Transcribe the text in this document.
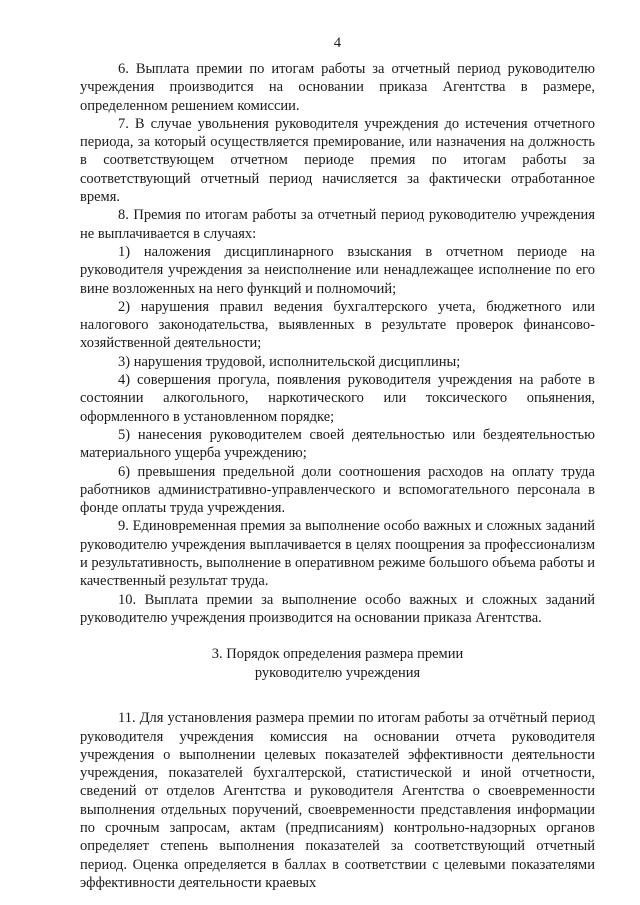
4

6. Выплата премии по итогам работы за отчетный период руководителю учреждения производится на основании приказа Агентства в размере, определенном решением комиссии.

7. В случае увольнения руководителя учреждения до истечения отчетного периода, за который осуществляется премирование, или назначения на должность в соответствующем отчетном периоде премия по итогам работы за соответствующий отчетный период начисляется за фактически отработанное время.

8. Премия по итогам работы за отчетный период руководителю учреждения не выплачивается в случаях:

1) наложения дисциплинарного взыскания в отчетном периоде на руководителя учреждения за неисполнение или ненадлежащее исполнение по его вине возложенных на него функций и полномочий;

2) нарушения правил ведения бухгалтерского учета, бюджетного или налогового законодательства, выявленных в результате проверок финансово-хозяйственной деятельности;

3) нарушения трудовой, исполнительской дисциплины;

4) совершения прогула, появления руководителя учреждения на работе в состоянии алкогольного, наркотического или токсического опьянения, оформленного в установленном порядке;

5) нанесения руководителем своей деятельностью или бездеятельностью материального ущерба учреждению;

6) превышения предельной доли соотношения расходов на оплату труда работников административно-управленческого и вспомогательного персонала в фонде оплаты труда учреждения.

9. Единовременная премия за выполнение особо важных и сложных заданий руководителю учреждения выплачивается в целях поощрения за профессионализм и результативность, выполнение в оперативном режиме большого объема работы и качественный результат труда.

10. Выплата премии за выполнение особо важных и сложных заданий руководителю учреждения производится на основании приказа Агентства.

3. Порядок определения размера премии
руководителю учреждения

11. Для установления размера премии по итогам работы за отчётный период руководителя учреждения комиссия на основании отчета руководителя учреждения о выполнении целевых показателей эффективности деятельности учреждения, показателей бухгалтерской, статистической и иной отчетности, сведений от отделов Агентства и руководителя Агентства о своевременности выполнения отдельных поручений, своевременности представления информации по срочным запросам, актам (предписаниям) контрольно-надзорных органов определяет степень выполнения показателей за соответствующий отчетный период. Оценка определяется в баллах в соответствии с целевыми показателями эффективности деятельности краевых
